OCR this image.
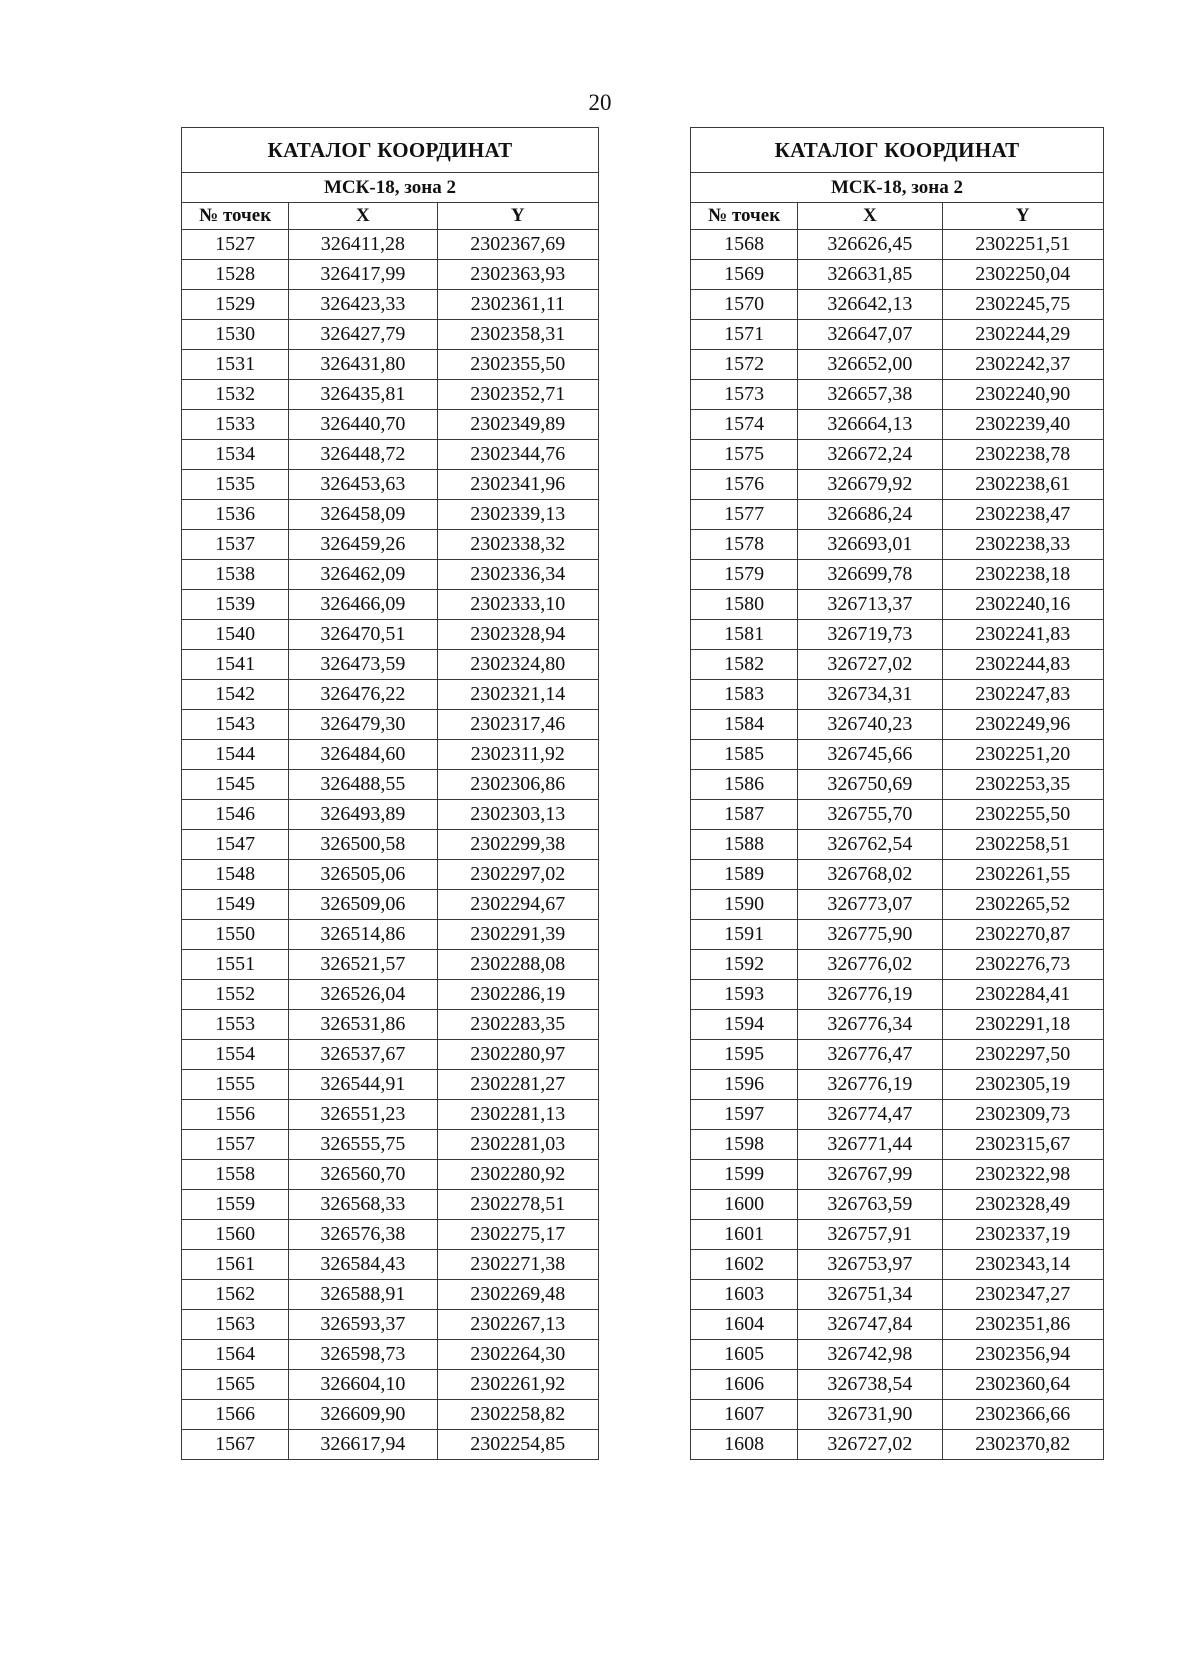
20
КАТАЛОГ КООРДИНАТ		
МСК-18, зона 2		
№ точек	X	Y
1527	326411,28	2302367,69
1528	326417,99	2302363,93
1529	326423,33	2302361,11
1530	326427,79	2302358,31
1531	326431,80	2302355,50
1532	326435,81	2302352,71
1533	326440,70	2302349,89
1534	326448,72	2302344,76
1535	326453,63	2302341,96
1536	326458,09	2302339,13
1537	326459,26	2302338,32
1538	326462,09	2302336,34
1539	326466,09	2302333,10
1540	326470,51	2302328,94
1541	326473,59	2302324,80
1542	326476,22	2302321,14
1543	326479,30	2302317,46
1544	326484,60	2302311,92
1545	326488,55	2302306,86
1546	326493,89	2302303,13
1547	326500,58	2302299,38
1548	326505,06	2302297,02
1549	326509,06	2302294,67
1550	326514,86	2302291,39
1551	326521,57	2302288,08
1552	326526,04	2302286,19
1553	326531,86	2302283,35
1554	326537,67	2302280,97
1555	326544,91	2302281,27
1556	326551,23	2302281,13
1557	326555,75	2302281,03
1558	326560,70	2302280,92
1559	326568,33	2302278,51
1560	326576,38	2302275,17
1561	326584,43	2302271,38
1562	326588,91	2302269,48
1563	326593,37	2302267,13
1564	326598,73	2302264,30
1565	326604,10	2302261,92
1566	326609,90	2302258,82
1567	326617,94	2302254,85
КАТАЛОГ КООРДИНАТ		
МСК-18, зона 2		
№ точек	X	Y
1568	326626,45	2302251,51
1569	326631,85	2302250,04
1570	326642,13	2302245,75
1571	326647,07	2302244,29
1572	326652,00	2302242,37
1573	326657,38	2302240,90
1574	326664,13	2302239,40
1575	326672,24	2302238,78
1576	326679,92	2302238,61
1577	326686,24	2302238,47
1578	326693,01	2302238,33
1579	326699,78	2302238,18
1580	326713,37	2302240,16
1581	326719,73	2302241,83
1582	326727,02	2302244,83
1583	326734,31	2302247,83
1584	326740,23	2302249,96
1585	326745,66	2302251,20
1586	326750,69	2302253,35
1587	326755,70	2302255,50
1588	326762,54	2302258,51
1589	326768,02	2302261,55
1590	326773,07	2302265,52
1591	326775,90	2302270,87
1592	326776,02	2302276,73
1593	326776,19	2302284,41
1594	326776,34	2302291,18
1595	326776,47	2302297,50
1596	326776,19	2302305,19
1597	326774,47	2302309,73
1598	326771,44	2302315,67
1599	326767,99	2302322,98
1600	326763,59	2302328,49
1601	326757,91	2302337,19
1602	326753,97	2302343,14
1603	326751,34	2302347,27
1604	326747,84	2302351,86
1605	326742,98	2302356,94
1606	326738,54	2302360,64
1607	326731,90	2302366,66
1608	326727,02	2302370,82
